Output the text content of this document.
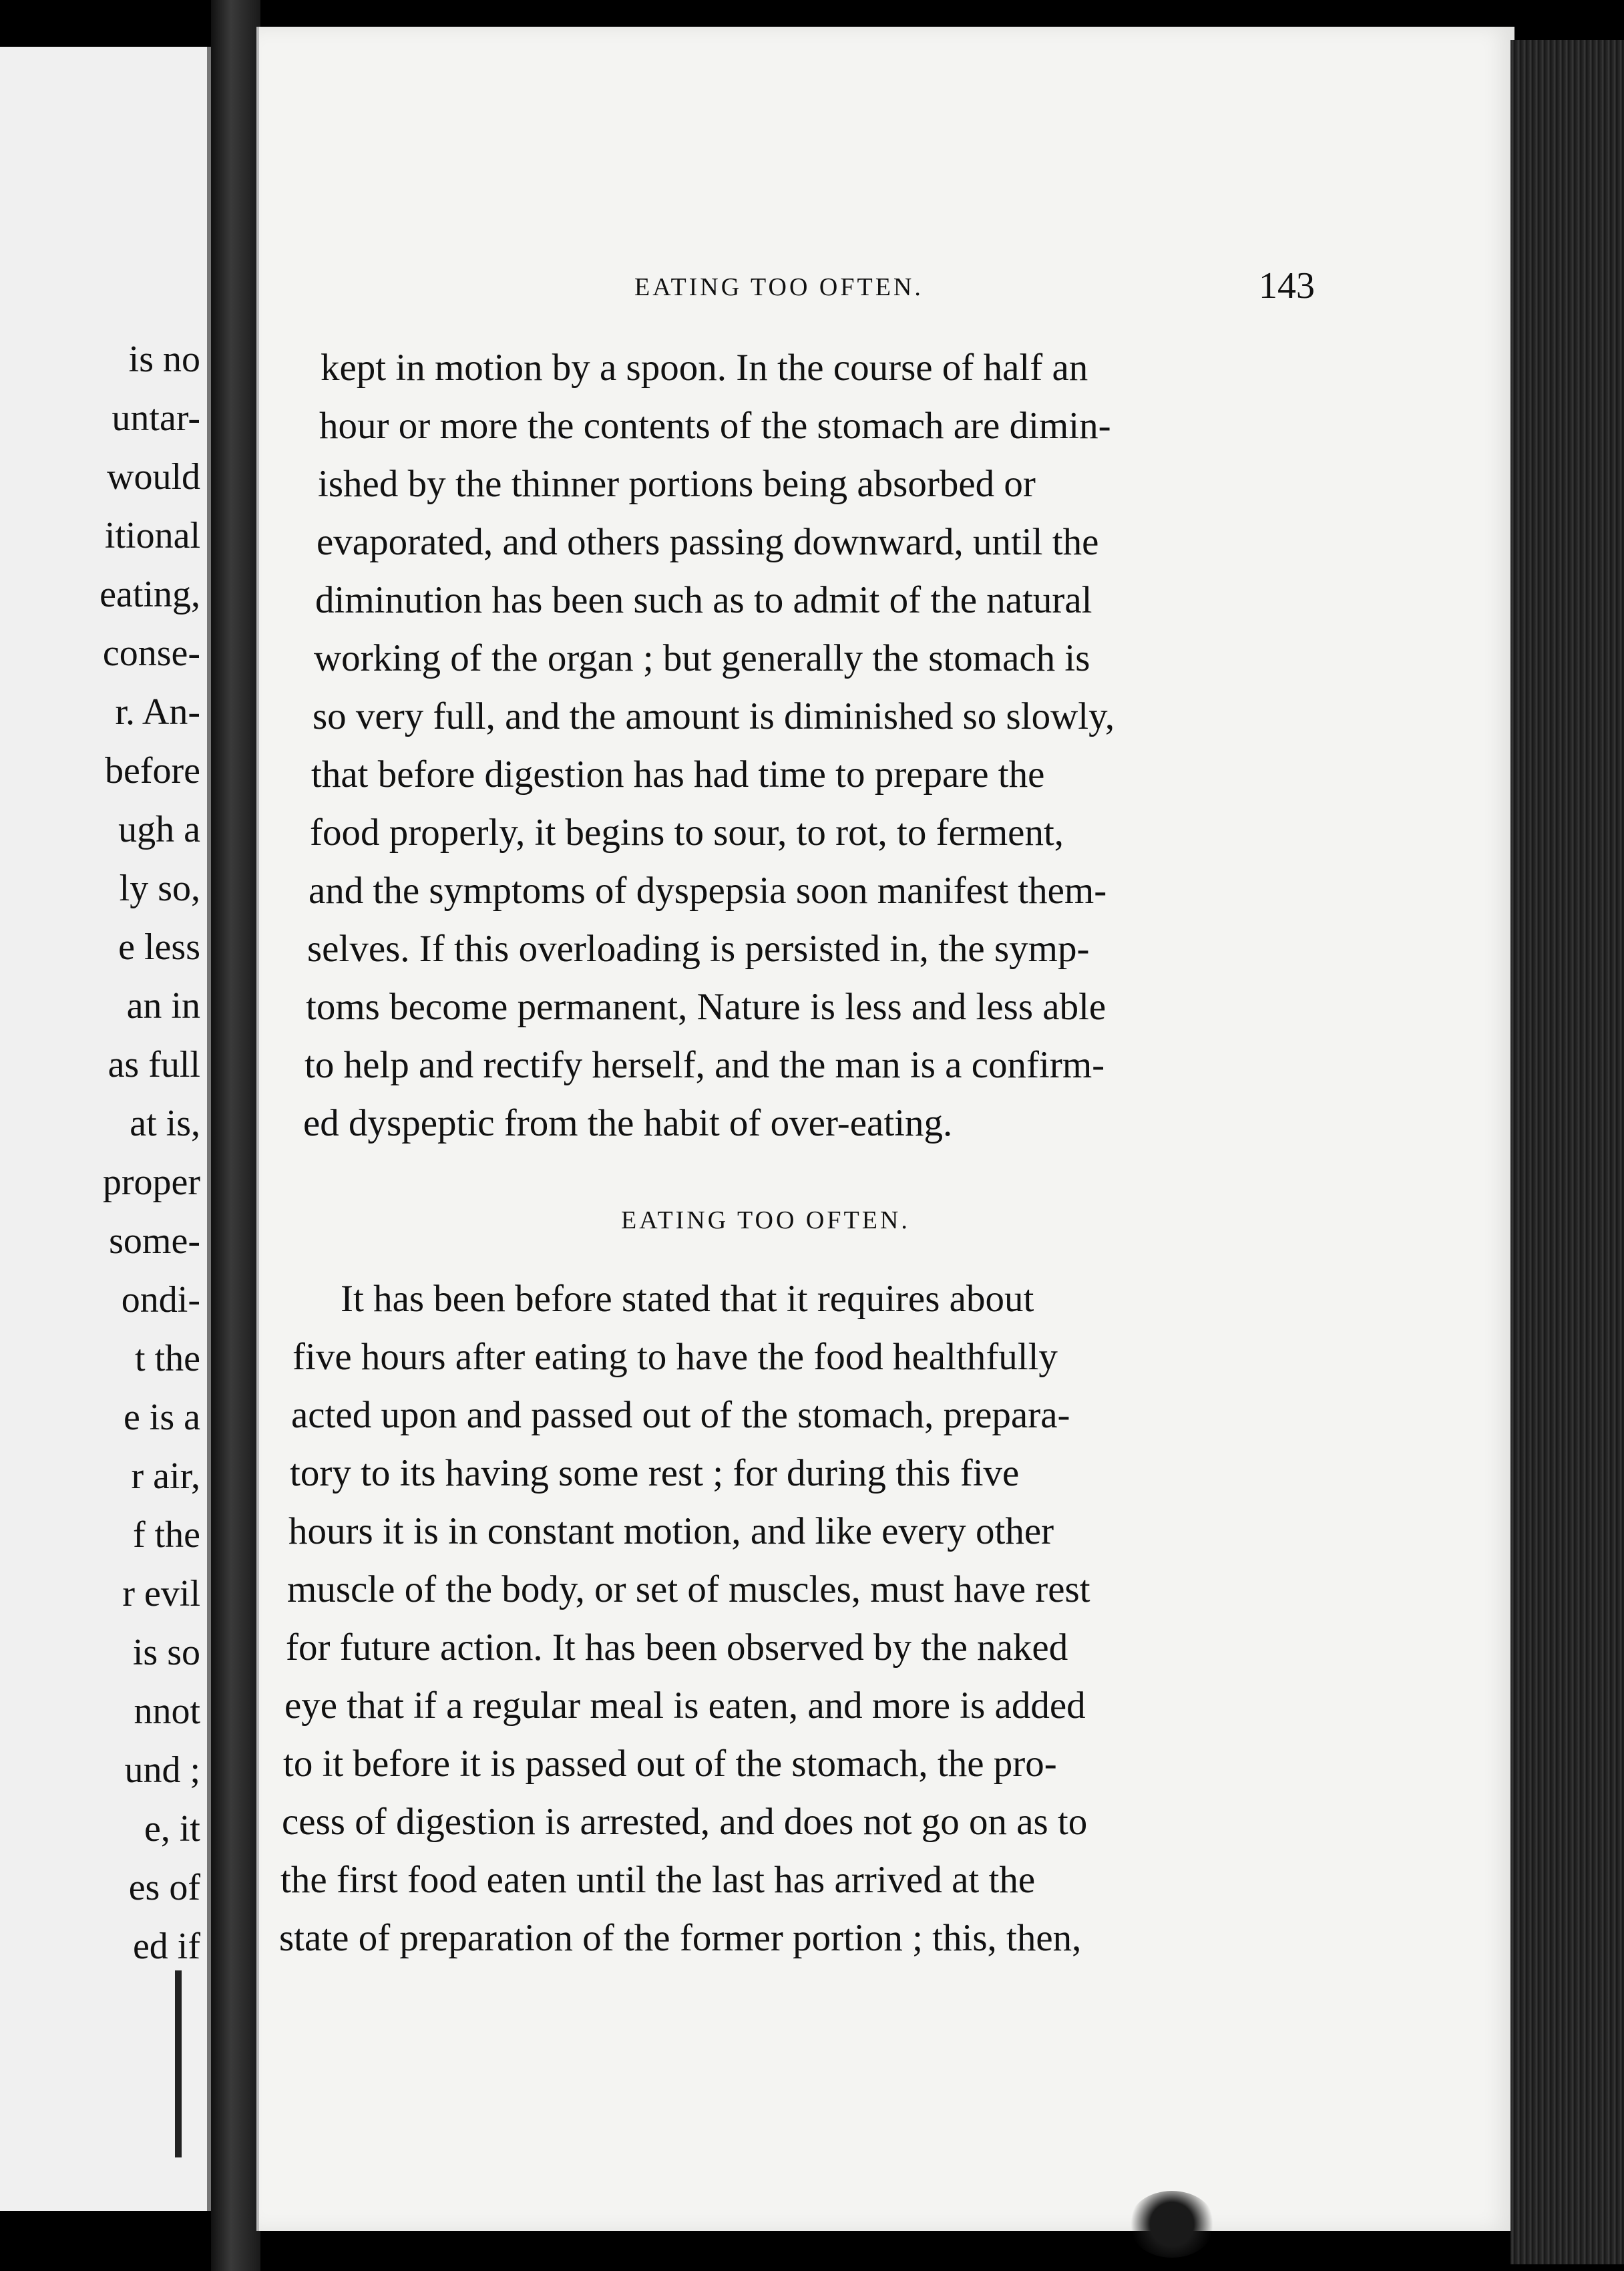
is no
untar-
would
itional
eating,
conse-
r. An-
before
ugh a
ly so,
e less
an in
as full
at is,
proper
some-
ondi-
t the
e is a
r air,
f the
r evil
is so
nnot
und ;
e, it
es of
ed if
EATING TOO OFTEN.	143
kept in motion by a spoon. In the course of half an
hour or more the contents of the stomach are dimin-
ished by the thinner portions being absorbed or
evaporated, and others passing downward, until the
diminution has been such as to admit of the natural
working of the organ ; but generally the stomach is
so very full, and the amount is diminished so slowly,
that before digestion has had time to prepare the
food properly, it begins to sour, to rot, to ferment,
and the symptoms of dyspepsia soon manifest them-
selves. If this overloading is persisted in, the symp-
toms become permanent, Nature is less and less able
to help and rectify herself, and the man is a confirm-
ed dyspeptic from the habit of over-eating.
EATING TOO OFTEN.
It has been before stated that it requires about
five hours after eating to have the food healthfully
acted upon and passed out of the stomach, prepara-
tory to its having some rest ; for during this five
hours it is in constant motion, and like every other
muscle of the body, or set of muscles, must have rest
for future action. It has been observed by the naked
eye that if a regular meal is eaten, and more is added
to it before it is passed out of the stomach, the pro-
cess of digestion is arrested, and does not go on as to
the first food eaten until the last has arrived at the
state of preparation of the former portion ; this, then,
